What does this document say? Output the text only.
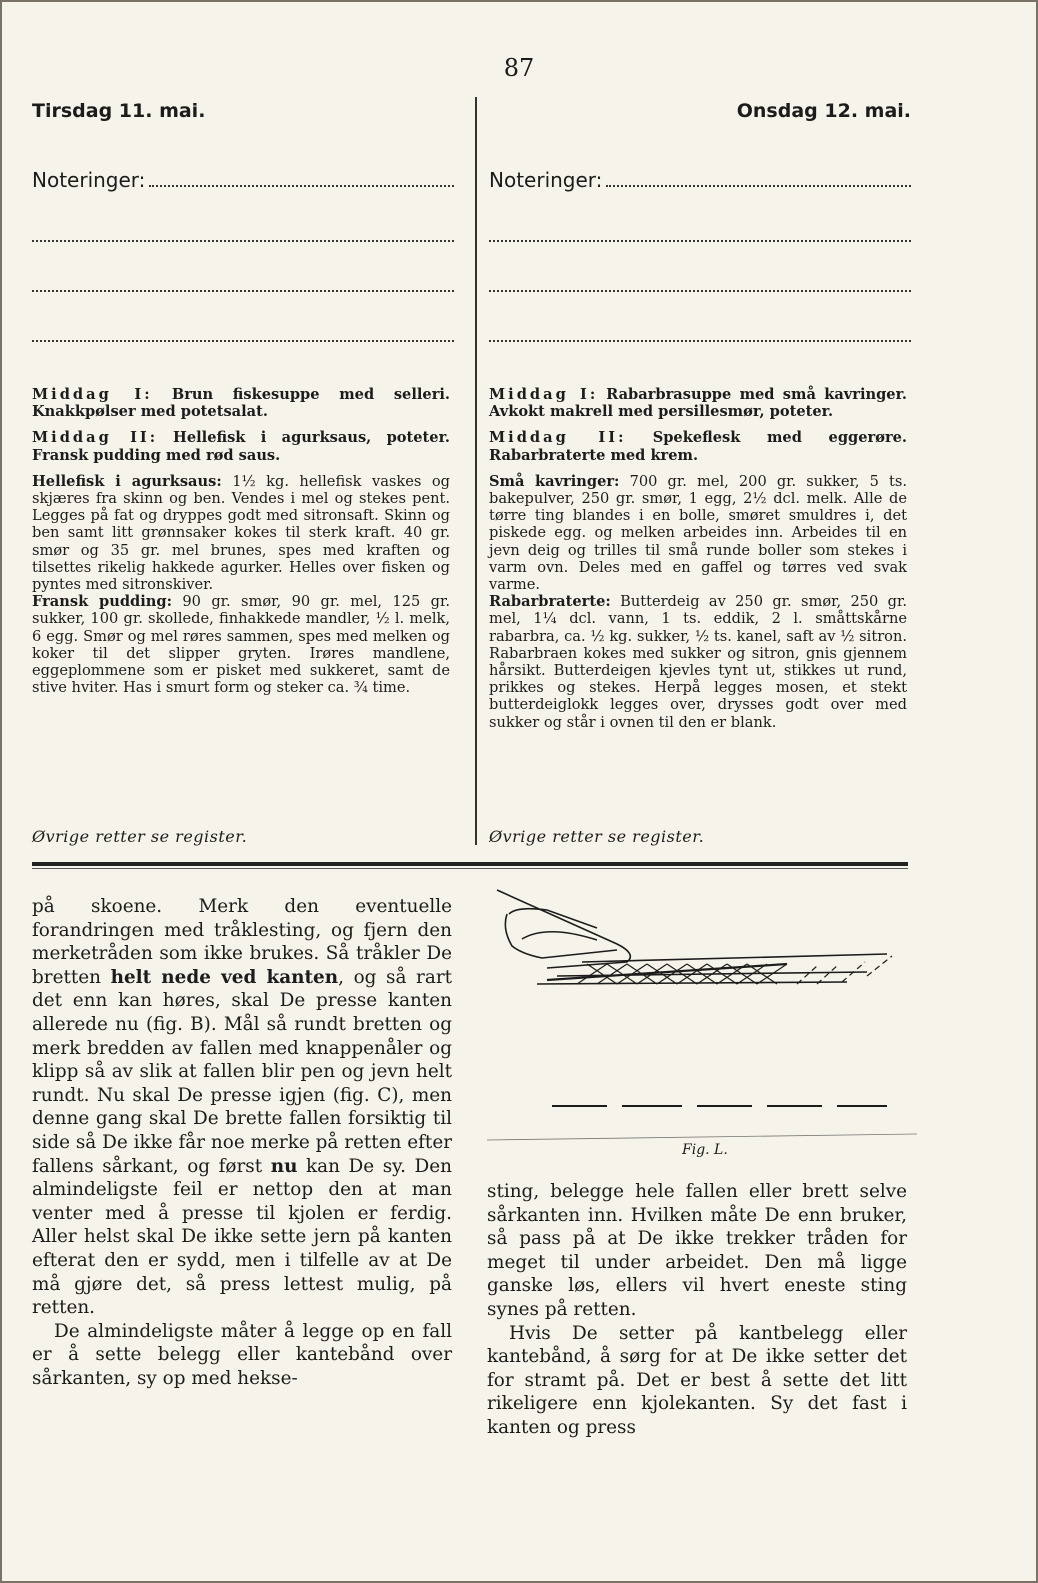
87
Tirsdag 11. mai.
Noteringer:

Middag I: Brun fiskesuppe med selleri. Knakkpølser med potetsalat.

Middag II: Hellefisk i agurksaus, poteter. Fransk pudding med rød saus.

Hellefisk i agurksaus: 1½ kg. hellefisk vaskes og skjæres fra skinn og ben. Vendes i mel og stekes pent. Legges på fat og dryppes godt med sitronsaft. Skinn og ben samt litt grønnsaker kokes til sterk kraft. 40 gr. smør og 35 gr. mel brunes, spes med kraften og tilsettes rikelig hakkede agurker. Helles over fisken og pyntes med sitronskiver.

Fransk pudding: 90 gr. smør, 90 gr. mel, 125 gr. sukker, 100 gr. skollede, finhakkede mandler, ½ l. melk, 6 egg. Smør og mel røres sammen, spes med melken og koker til det slipper gryten. Irøres mandlene, eggeplommene som er pisket med sukkeret, samt de stive hviter. Has i smurt form og steker ca. ¾ time.

Øvrige retter se register.
Onsdag 12. mai.
Noteringer:

Middag I: Rabarbrasuppe med små kavringer. Avkokt makrell med persillesmør, poteter.

Middag II: Spekeflesk med eggerøre. Rabarbraterte med krem.

Små kavringer: 700 gr. mel, 200 gr. sukker, 5 ts. bakepulver, 250 gr. smør, 1 egg, 2½ dcl. melk. Alle de tørre ting blandes i en bolle, smøret smuldres i, det piskede egg. og melken arbeides inn. Arbeides til en jevn deig og trilles til små runde boller som stekes i varm ovn. Deles med en gaffel og tørres ved svak varme.

Rabarbraterte: Butterdeig av 250 gr. smør, 250 gr. mel, 1¼ dcl. vann, 1 ts. eddik, 2 l. småttskårne rabarbra, ca. ½ kg. sukker, ½ ts. kanel, saft av ½ sitron. Rabarbraen kokes med sukker og sitron, gnis gjennem hårsikt. Butterdeigen kjevles tynt ut, stikkes ut rund, prikkes og stekes. Herpå legges mosen, et stekt butterdeiglokk legges over, drysses godt over med sukker og står i ovnen til den er blank.

Øvrige retter se register.

på skoene. Merk den eventuelle forandringen med tråklesting, og fjern den merketråden som ikke brukes. Så tråkler De bretten helt nede ved kanten, og så rart det enn kan høres, skal De presse kanten allerede nu (fig. B). Mål så rundt bretten og merk bredden av fallen med knappenåler og klipp så av slik at fallen blir pen og jevn helt rundt. Nu skal De presse igjen (fig. C), men denne gang skal De brette fallen forsiktig til side så De ikke får noe merke på retten efter fallens sårkant, og først nu kan De sy. Den almindeligste feil er nettop den at man venter med å presse til kjolen er ferdig. Aller helst skal De ikke sette jern på kanten efterat den er sydd, men i tilfelle av at De må gjøre det, så press lettest mulig, på retten.

De almindeligste måter å legge op en fall er å sette belegg eller kantebånd over sårkanten, sy op med hekse-

Fig. L.

sting, belegge hele fallen eller brett selve sårkanten inn. Hvilken måte De enn bruker, så pass på at De ikke trekker tråden for meget til under arbeidet. Den må ligge ganske løs, ellers vil hvert eneste sting synes på retten.

Hvis De setter på kantbelegg eller kantebånd, å sørg for at De ikke setter det for stramt på. Det er best å sette det litt rikeligere enn kjolekanten. Sy det fast i kanten og press
